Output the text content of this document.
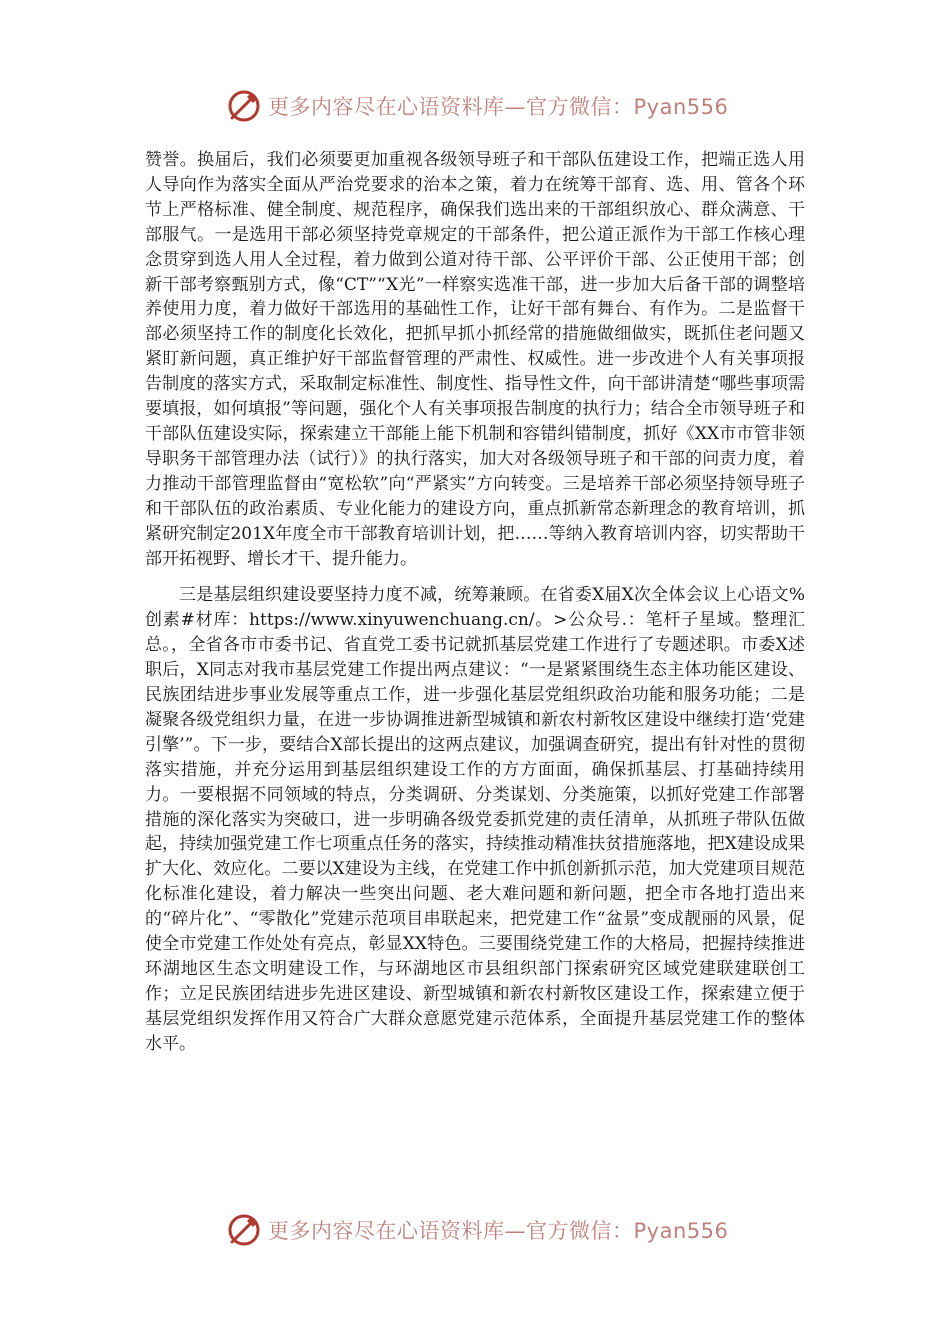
更多内容尽在心语资料库—官方微信：Pyan556

赞誉。换届后，我们必须要更加重视各级领导班子和干部队伍建设工作，把端正选人用人导向作为落实全面从严治党要求的治本之策，着力在统筹干部育、选、用、管各个环节上严格标准、健全制度、规范程序，确保我们选出来的干部组织放心、群众满意、干部服气。一是选用干部必须坚持党章规定的干部条件，把公道正派作为干部工作核心理念贯穿到选人用人全过程，着力做到公道对待干部、公平评价干部、公正使用干部；创新干部考察甄别方式，像“CT”“X光”一样察实选准干部，进一步加大后备干部的调整培养使用力度，着力做好干部选用的基础性工作，让好干部有舞台、有作为。二是监督干部必须坚持工作的制度化长效化，把抓早抓小抓经常的措施做细做实，既抓住老问题又紧盯新问题，真正维护好干部监督管理的严肃性、权威性。进一步改进个人有关事项报告制度的落实方式，采取制定标准性、制度性、指导性文件，向干部讲清楚“哪些事项需要填报，如何填报”等问题，强化个人有关事项报告制度的执行力；结合全市领导班子和干部队伍建设实际，探索建立干部能上能下机制和容错纠错制度，抓好《XX市市管非领导职务干部管理办法（试行）》的执行落实，加大对各级领导班子和干部的问责力度，着力推动干部管理监督由“宽松软”向“严紧实”方向转变。三是培养干部必须坚持领导班子和干部队伍的政治素质、专业化能力的建设方向，重点抓新常态新理念的教育培训，抓紧研究制定201X年度全市干部教育培训计划，把……等纳入教育培训内容，切实帮助干部开拓视野、增长才干、提升能力。

三是基层组织建设要坚持力度不减，统筹兼顾。在省委X届X次全体会议上心语文%创素#材库：https://www.xinyuwenchuang.cn/。>公众号.：笔杆子星域。整理汇总。，全省各市市委书记、省直党工委书记就抓基层党建工作进行了专题述职。市委X述职后，X同志对我市基层党建工作提出两点建议：“一是紧紧围绕生态主体功能区建设、民族团结进步事业发展等重点工作，进一步强化基层党组织政治功能和服务功能；二是凝聚各级党组织力量，在进一步协调推进新型城镇和新农村新牧区建设中继续打造‘党建引擎’”。下一步，要结合X部长提出的这两点建议，加强调查研究，提出有针对性的贯彻落实措施，并充分运用到基层组织建设工作的方方面面，确保抓基层、打基础持续用力。一要根据不同领域的特点，分类调研、分类谋划、分类施策，以抓好党建工作部署措施的深化落实为突破口，进一步明确各级党委抓党建的责任清单，从抓班子带队伍做起，持续加强党建工作七项重点任务的落实，持续推动精准扶贫措施落地，把X建设成果扩大化、效应化。二要以X建设为主线，在党建工作中抓创新抓示范，加大党建项目规范化标准化建设，着力解决一些突出问题、老大难问题和新问题，把全市各地打造出来的“碎片化”、“零散化”党建示范项目串联起来，把党建工作“盆景”变成靓丽的风景，促使全市党建工作处处有亮点，彰显XX特色。三要围绕党建工作的大格局，把握持续推进环湖地区生态文明建设工作，与环湖地区市县组织部门探索研究区域党建联建联创工作；立足民族团结进步先进区建设、新型城镇和新农村新牧区建设工作，探索建立便于基层党组织发挥作用又符合广大群众意愿党建示范体系，全面提升基层党建工作的整体水平。

更多内容尽在心语资料库—官方微信：Pyan556
